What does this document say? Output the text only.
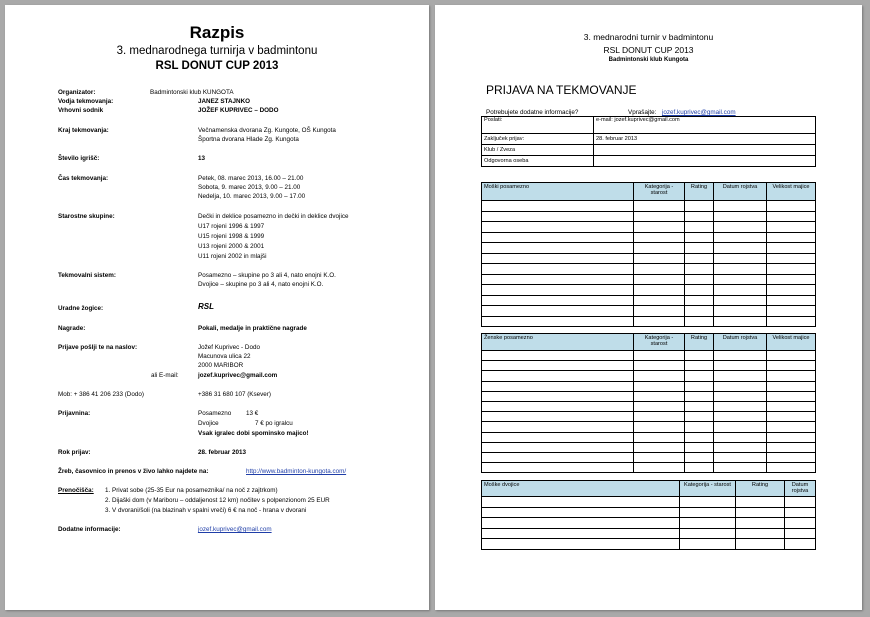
Razpis
3. mednarodnega turnirja v badmintonu
RSL DONUT CUP 2013
Organizator:	Badmintonski klub KUNGOTA
Vodja tekmovanja:	JANEZ STAJNKO
Vrhovni sodnik	JOŽEF KUPRIVEC – DODO
Kraj tekmovanja:	Večnamenska dvorana Zg. Kungote, OŠ Kungota
Športna dvorana Hlade Zg. Kungota
Število igrišč:	13
Čas tekmovanja:	Petek, 08. marec 2013, 16.00 – 21.00
Sobota, 9. marec 2013, 9.00 – 21.00
Nedelja, 10. marec 2013, 9.00 – 17.00
Starostne skupine:	Dečki in deklice posamezno in dečki in deklice dvojice
U17 rojeni 1996 & 1997
U15 rojeni 1998 & 1999
U13 rojeni 2000 & 2001
U11 rojeni 2002 in mlajši
Tekmovalni sistem:	Posamezno – skupine po 3 ali 4, nato enojni K.O.
Dvojice – skupine po 3 ali 4, nato enojni K.O.
Uradne žogice:	RSL
Nagrade:	Pokali, medalje in praktične nagrade
Prijave pošlji te na naslov:	Jožef Kuprivec - Dodo
Macunova ulica 22
2000 MARIBOR
ali E-mail:	jozef.kuprivec@gmail.com
Mob: + 386 41 206 233 (Dodo)	+386 31 680 107 (Ksever)
Prijavnina:	Posamezno 13 €
Dvojice	7 € po igralcu
Vsak igralec dobi spominsko majico!
Rok prijav:	28. februar 2013
Žreb, časovnico in prenos v živo lahko najdete na:	http://www.badminton-kungota.com/
Prenočišča: 1. Privat sobe (25-35 Eur na posameznika/ na noč z zajtrkom)
2. Dijaški dom (v Mariboru – oddaljenost 12 km) nočitev s polpenzionom 25 EUR
3. V dvorani/šoli (na blazinah v spalni vreči) 6 € na noč - hrana v dvorani
Dodatne informacije:	jozef.kuprivec@gmail.com
3. mednarodni turnir v badmintonu
RSL DONUT CUP 2013
Badmintonski klub Kungota
PRIJAVA NA TEKMOVANJE
Potrebujete dodatne informacije?	Vprašajte: jozef.kuprivec@gmail.com
Poslati:	e-mail: jozef.kuprivec@gmail.com
Zaključek prijav:	28. februar 2013
Klub / Zveza	
Odgovorna oseba	
Moški posamezno	Kategorija - starost	Rating	Datum rojstva	Velikost majice

Ženske posamezno	Kategorija - starost	Rating	Datum rojstva	Velikost majice

Moške dvojice	Kategorija - starost	Rating	Datum rojstva
